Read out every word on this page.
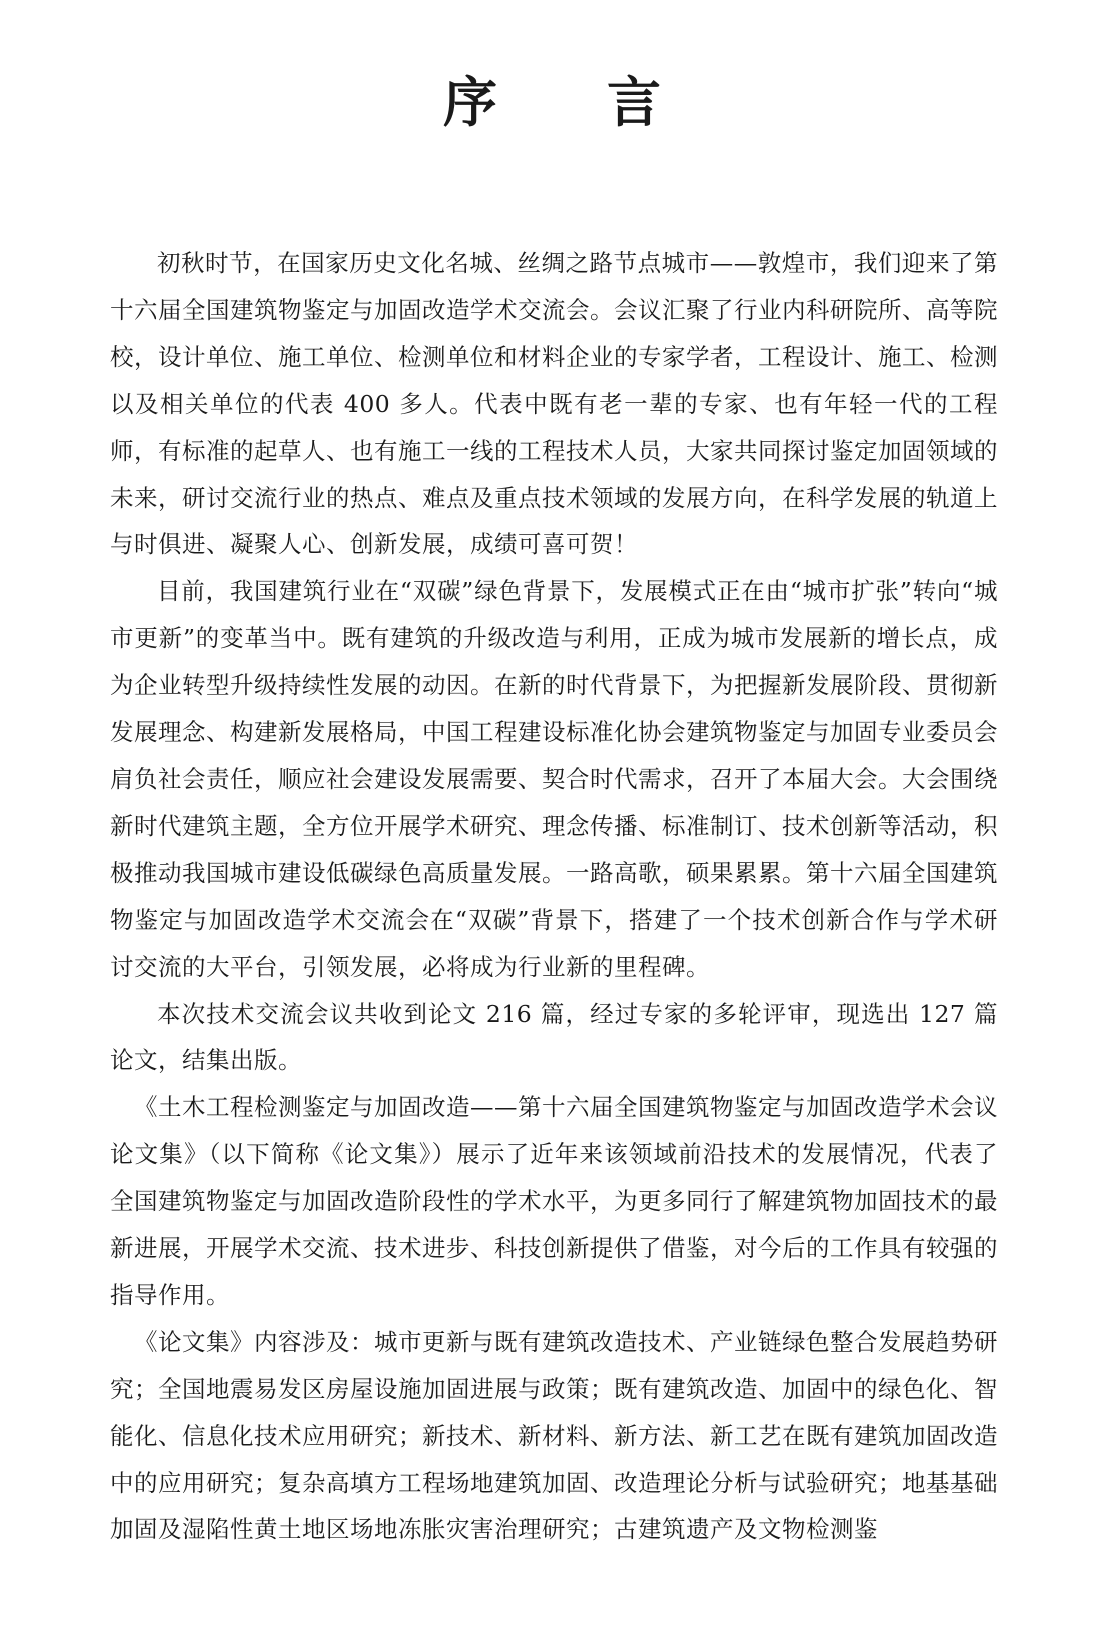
序 言

初秋时节，在国家历史文化名城、丝绸之路节点城市——敦煌市，我们迎来了第十六届全国建筑物鉴定与加固改造学术交流会。会议汇聚了行业内科研院所、高等院校，设计单位、施工单位、检测单位和材料企业的专家学者，工程设计、施工、检测以及相关单位的代表 400 多人。代表中既有老一辈的专家、也有年轻一代的工程师，有标准的起草人、也有施工一线的工程技术人员，大家共同探讨鉴定加固领域的未来，研讨交流行业的热点、难点及重点技术领域的发展方向，在科学发展的轨道上与时俱进、凝聚人心、创新发展，成绩可喜可贺！

目前，我国建筑行业在“双碳”绿色背景下，发展模式正在由“城市扩张”转向“城市更新”的变革当中。既有建筑的升级改造与利用，正成为城市发展新的增长点，成为企业转型升级持续性发展的动因。在新的时代背景下，为把握新发展阶段、贯彻新发展理念、构建新发展格局，中国工程建设标准化协会建筑物鉴定与加固专业委员会肩负社会责任，顺应社会建设发展需要、契合时代需求，召开了本届大会。大会围绕新时代建筑主题，全方位开展学术研究、理念传播、标准制订、技术创新等活动，积极推动我国城市建设低碳绿色高质量发展。一路高歌，硕果累累。第十六届全国建筑物鉴定与加固改造学术交流会在“双碳”背景下，搭建了一个技术创新合作与学术研讨交流的大平台，引领发展，必将成为行业新的里程碑。

本次技术交流会议共收到论文 216 篇，经过专家的多轮评审，现选出 127 篇论文，结集出版。

《土木工程检测鉴定与加固改造——第十六届全国建筑物鉴定与加固改造学术会议论文集》（以下简称《论文集》）展示了近年来该领域前沿技术的发展情况，代表了全国建筑物鉴定与加固改造阶段性的学术水平，为更多同行了解建筑物加固技术的最新进展，开展学术交流、技术进步、科技创新提供了借鉴，对今后的工作具有较强的指导作用。

《论文集》内容涉及：城市更新与既有建筑改造技术、产业链绿色整合发展趋势研究；全国地震易发区房屋设施加固进展与政策；既有建筑改造、加固中的绿色化、智能化、信息化技术应用研究；新技术、新材料、新方法、新工艺在既有建筑加固改造中的应用研究；复杂高填方工程场地建筑加固、改造理论分析与试验研究；地基基础加固及湿陷性黄土地区场地冻胀灾害治理研究；古建筑遗产及文物检测鉴
